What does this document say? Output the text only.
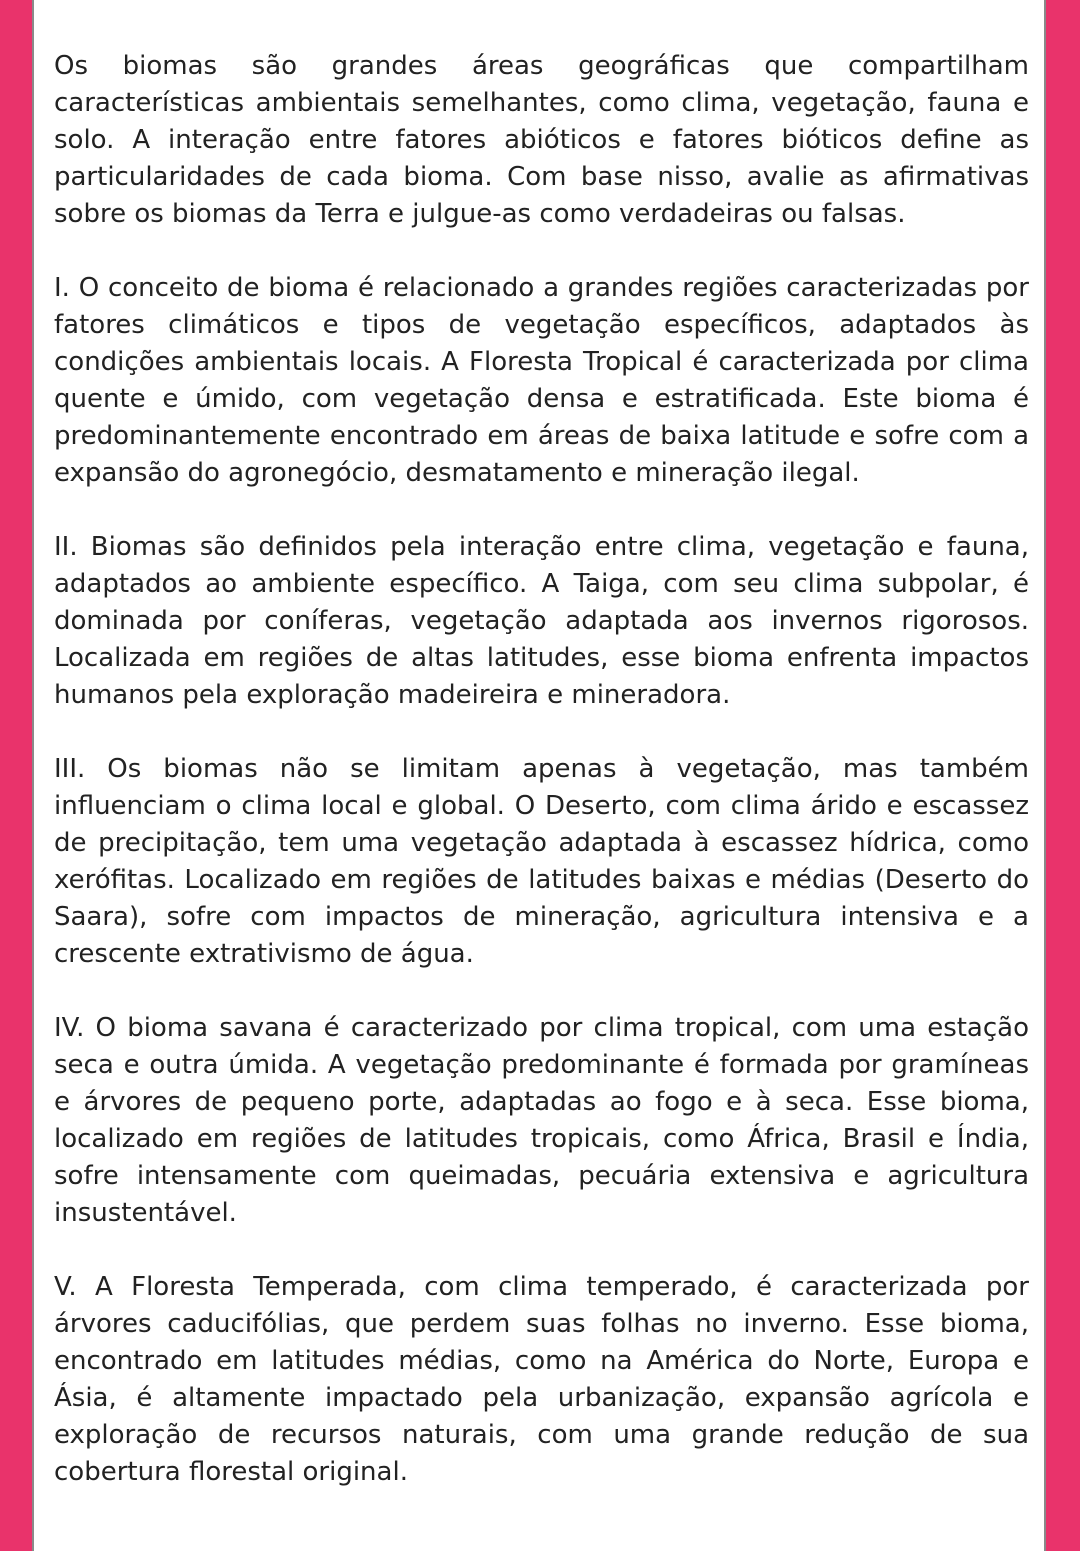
Os biomas são grandes áreas geográficas que compartilham características ambientais semelhantes, como clima, vegetação, fauna e solo. A interação entre fatores abióticos e fatores bióticos define as particularidades de cada bioma. Com base nisso, avalie as afirmativas sobre os biomas da Terra e julgue-as como verdadeiras ou falsas.

I. O conceito de bioma é relacionado a grandes regiões caracterizadas por fatores climáticos e tipos de vegetação específicos, adaptados às condições ambientais locais. A Floresta Tropical é caracterizada por clima quente e úmido, com vegetação densa e estratificada. Este bioma é predominantemente encontrado em áreas de baixa latitude e sofre com a expansão do agronegócio, desmatamento e mineração ilegal.

II. Biomas são definidos pela interação entre clima, vegetação e fauna, adaptados ao ambiente específico. A Taiga, com seu clima subpolar, é dominada por coníferas, vegetação adaptada aos invernos rigorosos. Localizada em regiões de altas latitudes, esse bioma enfrenta impactos humanos pela exploração madeireira e mineradora.

III. Os biomas não se limitam apenas à vegetação, mas também influenciam o clima local e global. O Deserto, com clima árido e escassez de precipitação, tem uma vegetação adaptada à escassez hídrica, como xerófitas. Localizado em regiões de latitudes baixas e médias (Deserto do Saara), sofre com impactos de mineração, agricultura intensiva e a crescente extrativismo de água.

IV. O bioma savana é caracterizado por clima tropical, com uma estação seca e outra úmida. A vegetação predominante é formada por gramíneas e árvores de pequeno porte, adaptadas ao fogo e à seca. Esse bioma, localizado em regiões de latitudes tropicais, como África, Brasil e Índia, sofre intensamente com queimadas, pecuária extensiva e agricultura insustentável.

V. A Floresta Temperada, com clima temperado, é caracterizada por árvores caducifólias, que perdem suas folhas no inverno. Esse bioma, encontrado em latitudes médias, como na América do Norte, Europa e Ásia, é altamente impactado pela urbanização, expansão agrícola e exploração de recursos naturais, com uma grande redução de sua cobertura florestal original.
